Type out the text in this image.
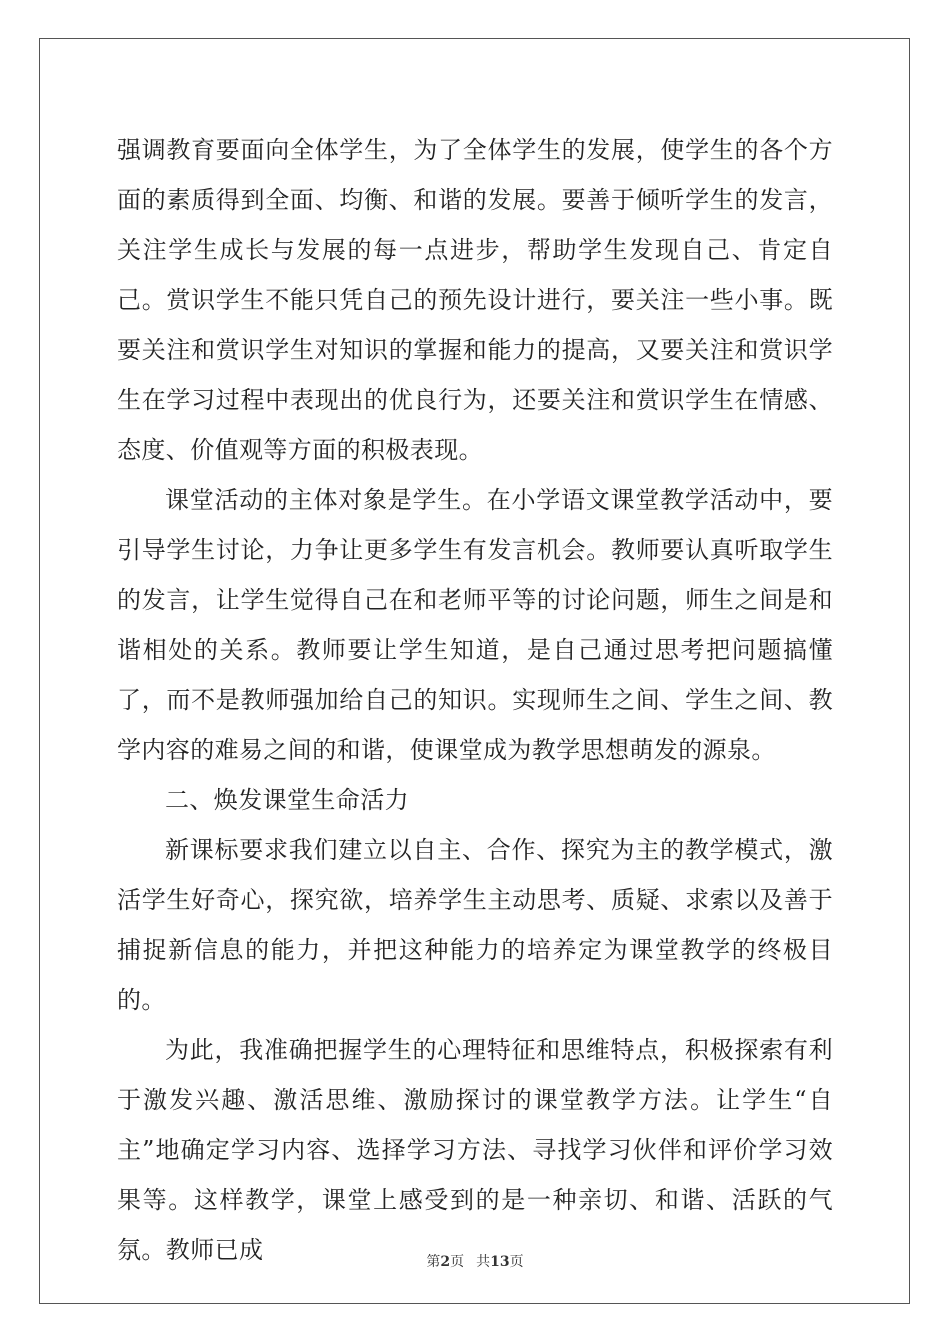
强调教育要面向全体学生，为了全体学生的发展，使学生的各个方面的素质得到全面、均衡、和谐的发展。要善于倾听学生的发言，关注学生成长与发展的每一点进步，帮助学生发现自己、肯定自己。赏识学生不能只凭自己的预先设计进行，要关注一些小事。既要关注和赏识学生对知识的掌握和能力的提高，又要关注和赏识学生在学习过程中表现出的优良行为，还要关注和赏识学生在情感、态度、价值观等方面的积极表现。

课堂活动的主体对象是学生。在小学语文课堂教学活动中，要引导学生讨论，力争让更多学生有发言机会。教师要认真听取学生的发言，让学生觉得自己在和老师平等的讨论问题，师生之间是和谐相处的关系。教师要让学生知道，是自己通过思考把问题搞懂了，而不是教师强加给自己的知识。实现师生之间、学生之间、教学内容的难易之间的和谐，使课堂成为教学思想萌发的源泉。

二、焕发课堂生命活力

新课标要求我们建立以自主、合作、探究为主的教学模式，激活学生好奇心，探究欲，培养学生主动思考、质疑、求索以及善于捕捉新信息的能力，并把这种能力的培养定为课堂教学的终极目的。

为此，我准确把握学生的心理特征和思维特点，积极探索有利于激发兴趣、激活思维、激励探讨的课堂教学方法。让学生“自主”地确定学习内容、选择学习方法、寻找学习伙伴和评价学习效果等。这样教学，课堂上感受到的是一种亲切、和谐、活跃的气氛。教师已成	第2页 共13页
